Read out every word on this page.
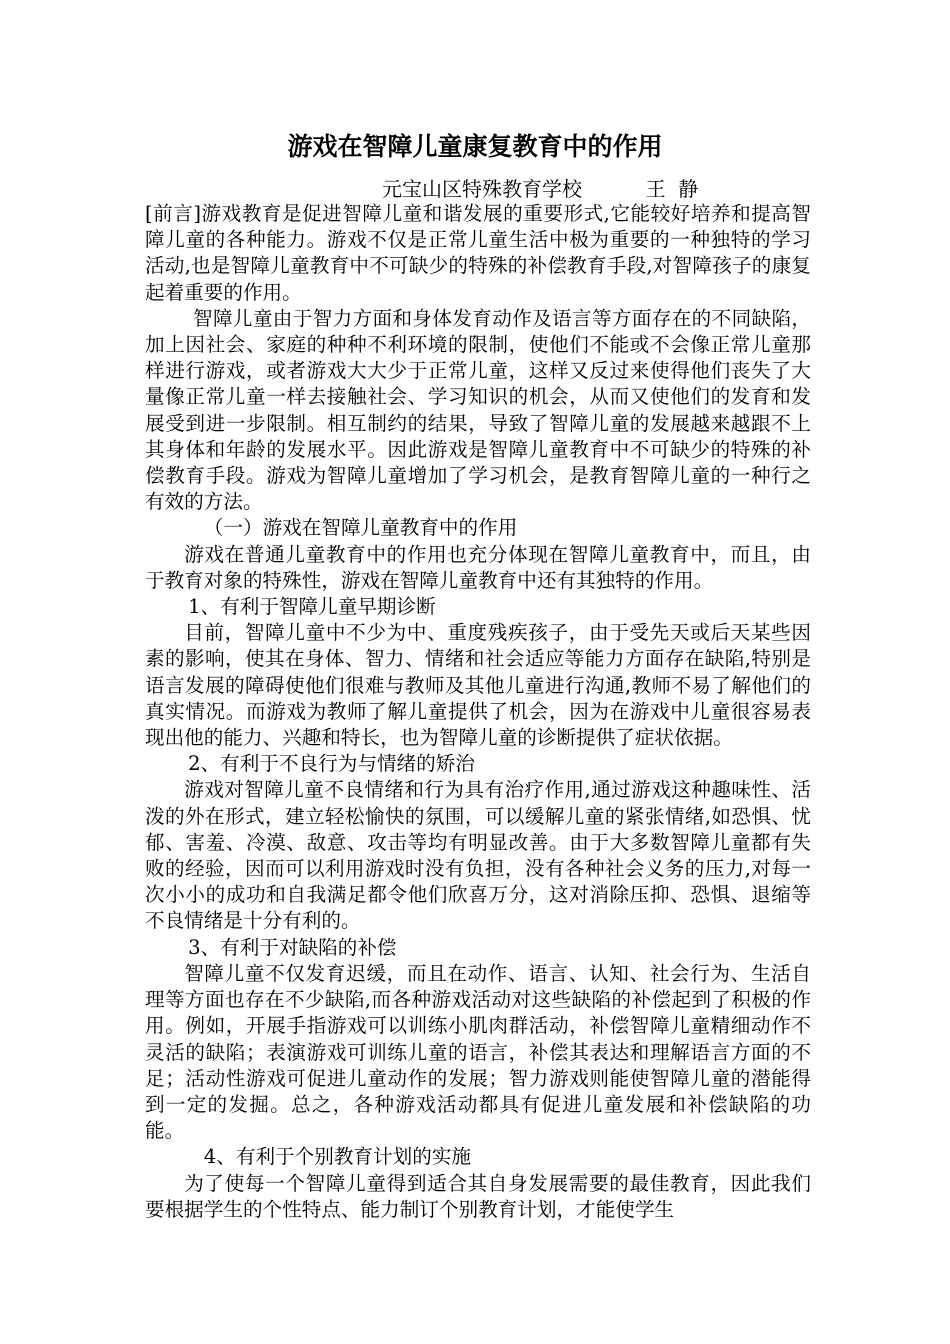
游戏在智障儿童康复教育中的作用
元宝山区特殊教育学校          王  静

[前言]游戏教育是促进智障儿童和谐发展的重要形式,它能较好培养和提高智障儿童的各种能力。游戏不仅是正常儿童生活中极为重要的一种独特的学习活动,也是智障儿童教育中不可缺少的特殊的补偿教育手段,对智障孩子的康复起着重要的作用。

智障儿童由于智力方面和身体发育动作及语言等方面存在的不同缺陷，加上因社会、家庭的种种不利环境的限制，使他们不能或不会像正常儿童那样进行游戏，或者游戏大大少于正常儿童，这样又反过来使得他们丧失了大量像正常儿童一样去接触社会、学习知识的机会，从而又使他们的发育和发展受到进一步限制。相互制约的结果，导致了智障儿童的发展越来越跟不上其身体和年龄的发展水平。因此游戏是智障儿童教育中不可缺少的特殊的补偿教育手段。游戏为智障儿童增加了学习机会，是教育智障儿童的一种行之有效的方法。

（一）游戏在智障儿童教育中的作用

游戏在普通儿童教育中的作用也充分体现在智障儿童教育中，而且，由于教育对象的特殊性，游戏在智障儿童教育中还有其独特的作用。

1、有利于智障儿童早期诊断

目前，智障儿童中不少为中、重度残疾孩子，由于受先天或后天某些因素的影响，使其在身体、智力、情绪和社会适应等能力方面存在缺陷,特别是语言发展的障碍使他们很难与教师及其他儿童进行沟通,教师不易了解他们的真实情况。而游戏为教师了解儿童提供了机会，因为在游戏中儿童很容易表现出他的能力、兴趣和特长，也为智障儿童的诊断提供了症状依据。

2、有利于不良行为与情绪的矫治

游戏对智障儿童不良情绪和行为具有治疗作用,通过游戏这种趣味性、活泼的外在形式，建立轻松愉快的氛围，可以缓解儿童的紧张情绪,如恐惧、忧郁、害羞、冷漠、敌意、攻击等均有明显改善。由于大多数智障儿童都有失败的经验，因而可以利用游戏时没有负担，没有各种社会义务的压力,对每一次小小的成功和自我满足都令他们欣喜万分，这对消除压抑、恐惧、退缩等不良情绪是十分有利的。

3、有利于对缺陷的补偿

智障儿童不仅发育迟缓，而且在动作、语言、认知、社会行为、生活自理等方面也存在不少缺陷,而各种游戏活动对这些缺陷的补偿起到了积极的作用。例如，开展手指游戏可以训练小肌肉群活动，补偿智障儿童精细动作不灵活的缺陷；表演游戏可训练儿童的语言，补偿其表达和理解语言方面的不足；活动性游戏可促进儿童动作的发展；智力游戏则能使智障儿童的潜能得到一定的发掘。总之，各种游戏活动都具有促进儿童发展和补偿缺陷的功能。

4、有利于个别教育计划的实施

为了使每一个智障儿童得到适合其自身发展需要的最佳教育，因此我们要根据学生的个性特点、能力制订个别教育计划，才能使学生
